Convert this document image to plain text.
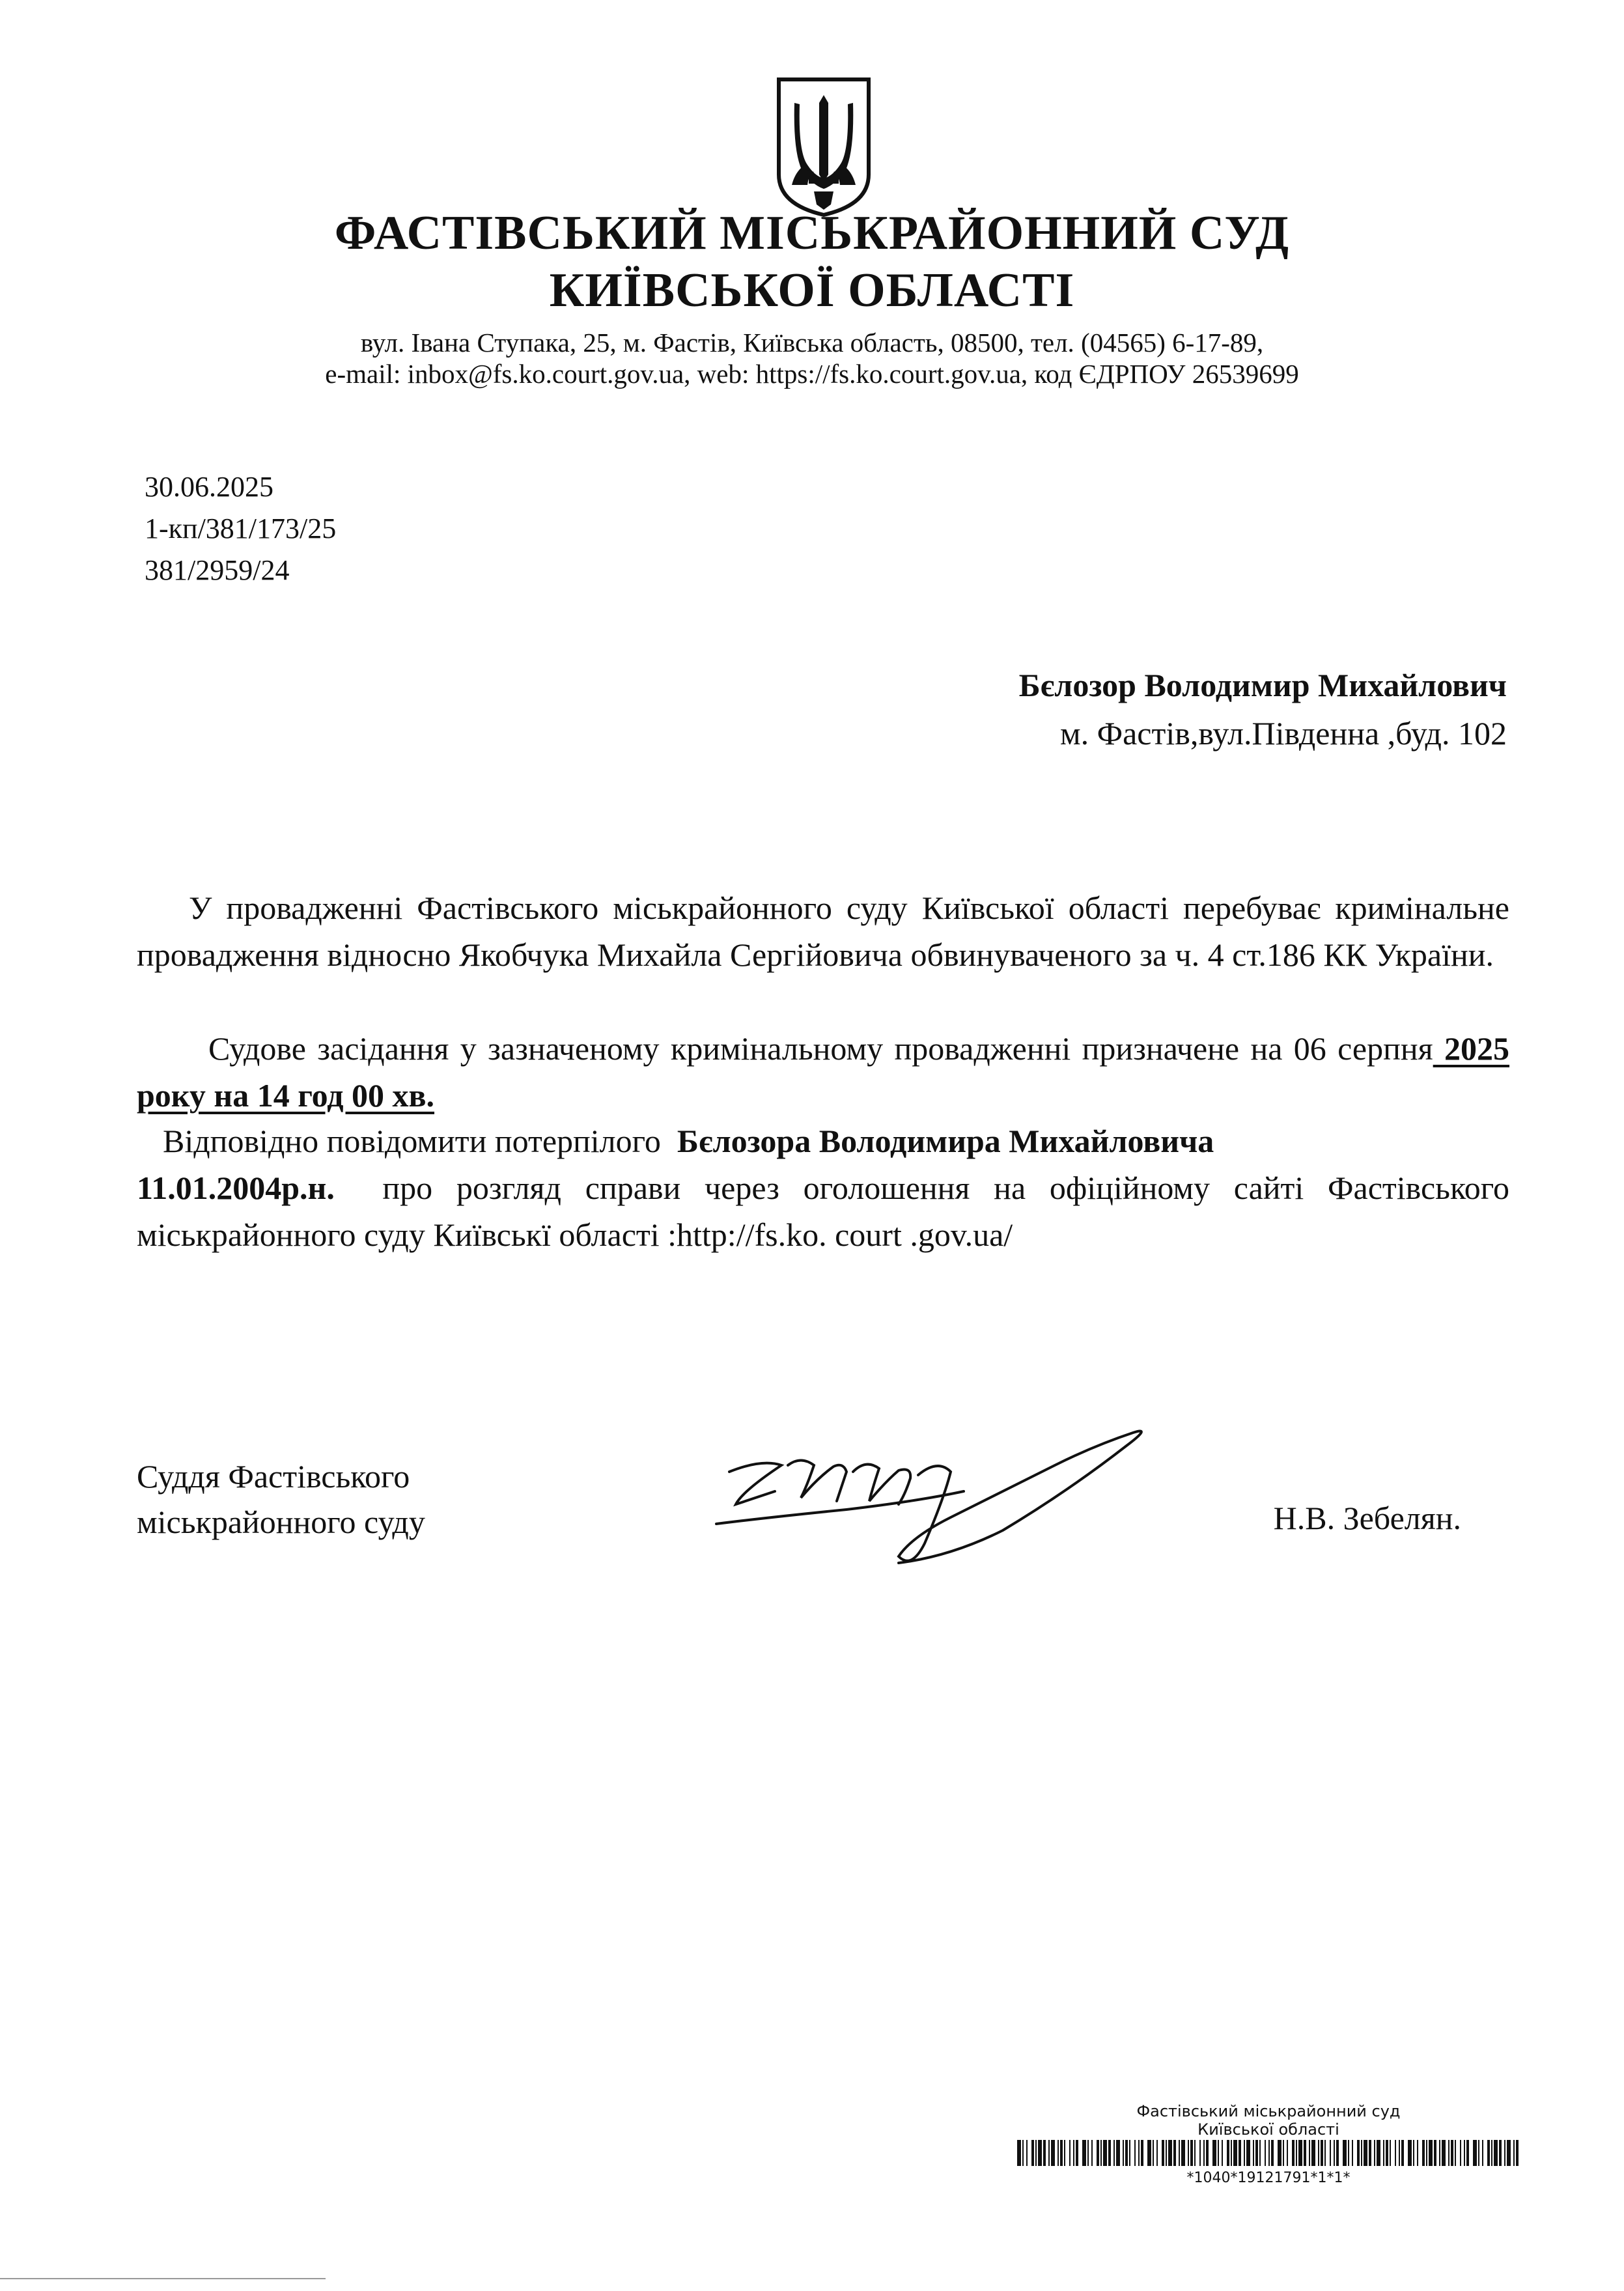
ФАСТІВСЬКИЙ МІСЬКРАЙОННИЙ СУД
КИЇВСЬКОЇ ОБЛАСТІ
вул. Івана Ступака, 25, м. Фастів, Київська область, 08500, тел. (04565) 6-17-89,
e-mail: inbox@fs.ko.court.gov.ua, web: https://fs.ko.court.gov.ua, код ЄДРПОУ 26539699
30.06.2025
1-кп/381/173/25
381/2959/24
Бєлозор Володимир Михайлович
м. Фастів,вул.Південна ,буд. 102
У провадженні Фастівського міськрайонного суду Київської області перебуває кримінальне провадження відносно Якобчука Михайла Сергійовича обвинуваченого за ч. 4 ст.186 КК України.
Судове засідання у зазначеному кримінальному провадженні призначене на 06 серпня 2025 року на 14 год 00 хв.
Відповідно повідомити потерпілого Бєлозора Володимира Михайловича
11.01.2004р.н. про розгляд справи через оголошення на офіційному сайті Фастівського міськрайонного суду Київськї області :http://fs.ko. court .gov.ua/
Суддя Фастівського
міськрайонного суду	Н.В. Зебелян.
Фастівський міськрайонний суд
Київської області
*1040*19121791*1*1*
